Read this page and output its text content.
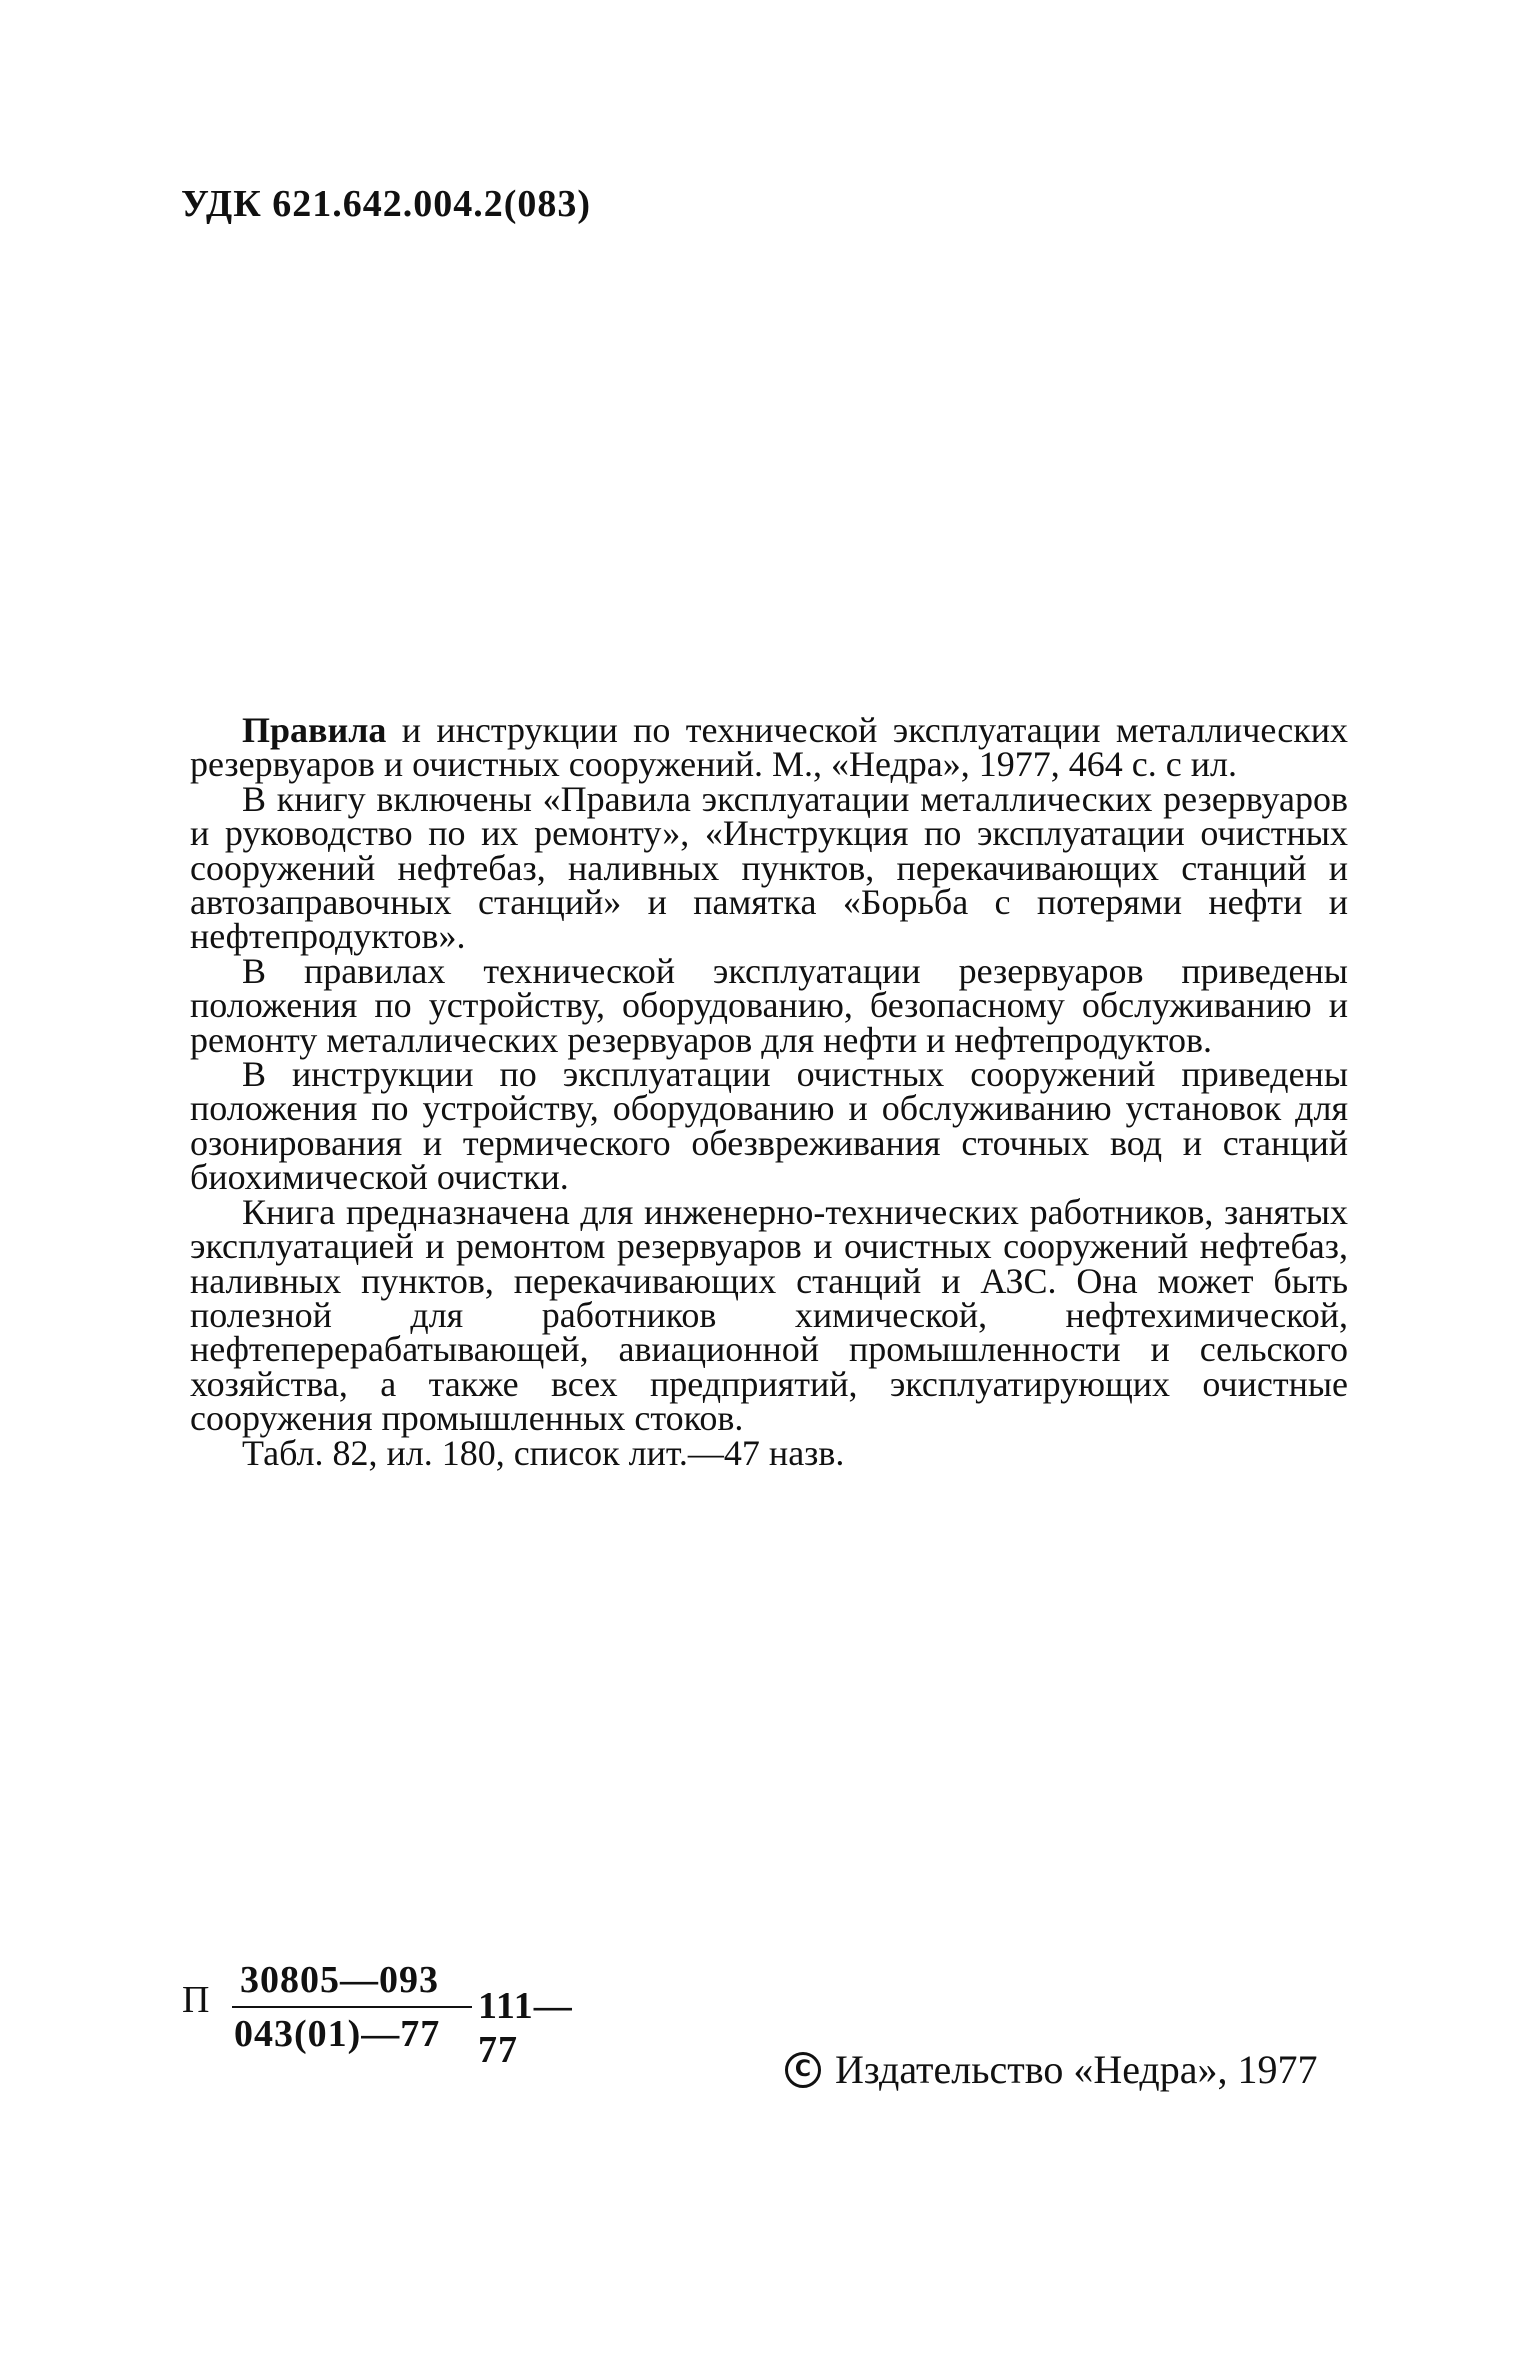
УДК 621.642.004.2(083)

Правила и инструкции по технической эксплуатации металлических резервуаров и очистных сооружений. М., «Недра», 1977, 464 с. с ил.

В книгу включены «Правила эксплуатации металлических резервуаров и руководство по их ремонту», «Инструкция по эксплуатации очистных сооружений нефтебаз, наливных пунктов, перекачивающих станций и автозаправочных станций» и памятка «Борьба с потерями нефти и нефтепродуктов».

В правилах технической эксплуатации резервуаров приведены положения по устройству, оборудованию, безопасному обслуживанию и ремонту металлических резервуаров для нефти и нефтепродуктов.

В инструкции по эксплуатации очистных сооружений приведены положения по устройству, оборудованию и обслуживанию установок для озонирования и термического обезвреживания сточных вод и станций биохимической очистки.

Книга предназначена для инженерно-технических работников, занятых эксплуатацией и ремонтом резервуаров и очистных сооружений нефтебаз, наливных пунктов, перекачивающих станций и АЗС. Она может быть полезной для работников химической, нефтехимической, нефтеперерабатывающей, авиационной промышленности и сельского хозяйства, а также всех предприятий, эксплуатирующих очистные сооружения промышленных стоков.

Табл. 82, ил. 180, список лит.—47 назв.

П 30805—093
043(01)—77
111—77	C Издательство «Недра», 1977
